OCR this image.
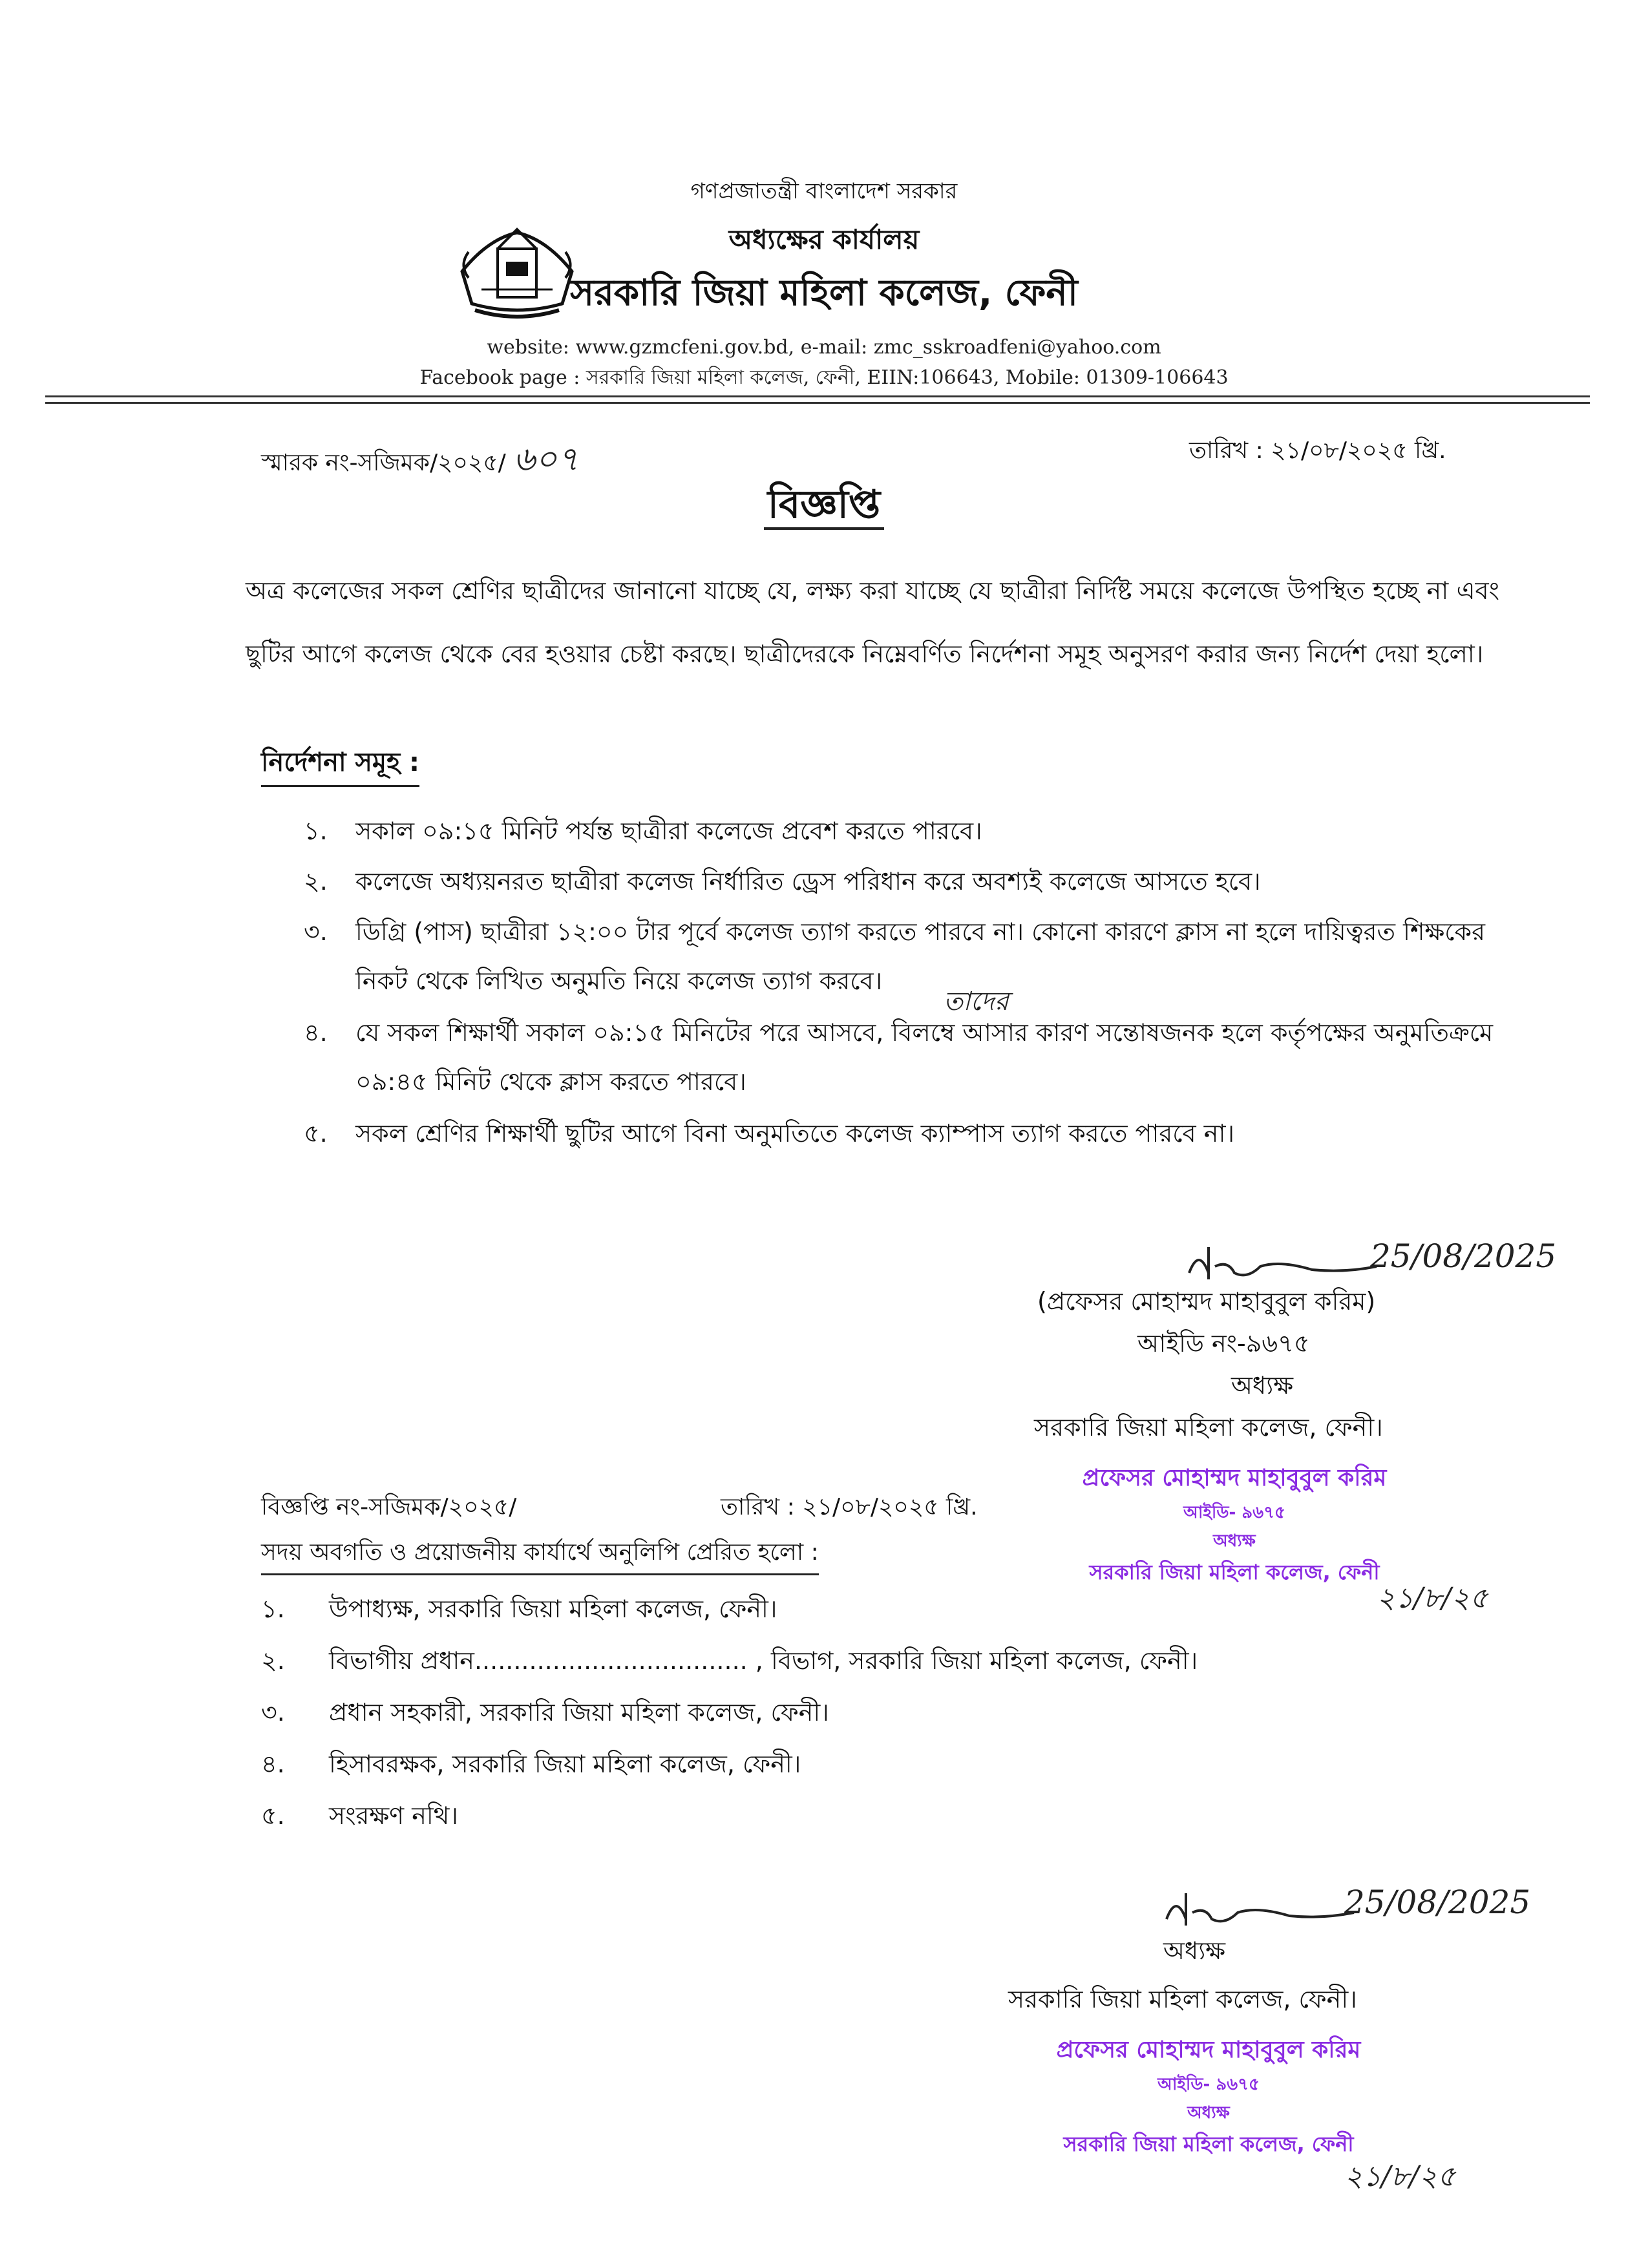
গণপ্রজাতন্ত্রী বাংলাদেশ সরকার
অধ্যক্ষের কার্যালয়
সরকারি জিয়া মহিলা কলেজ, ফেনী
website: www.gzmcfeni.gov.bd, e-mail: zmc_sskroadfeni@yahoo.com
Facebook page : সরকারি জিয়া মহিলা কলেজ, ফেনী, EIIN:106643, Mobile: 01309-106643
স্মারক নং-সজিমক/২০২৫/ ৬০৭	তারিখ : ২১/০৮/২০২৫ খ্রি.
বিজ্ঞপ্তি
অত্র কলেজের সকল শ্রেণির ছাত্রীদের জানানো যাচ্ছে যে, লক্ষ্য করা যাচ্ছে যে ছাত্রীরা নির্দিষ্ট সময়ে কলেজে উপস্থিত হচ্ছে না এবং ছুটির আগে কলেজ থেকে বের হওয়ার চেষ্টা করছে। ছাত্রীদেরকে নিম্নেবর্ণিত নির্দেশনা সমূহ অনুসরণ করার জন্য নির্দেশ দেয়া হলো।
নির্দেশনা সমূহ :
১.	সকাল ০৯:১৫ মিনিট পর্যন্ত ছাত্রীরা কলেজে প্রবেশ করতে পারবে।
২.	কলেজে অধ্যয়নরত ছাত্রীরা কলেজ নির্ধারিত ড্রেস পরিধান করে অবশ্যই কলেজে আসতে হবে।
৩.	ডিগ্রি (পাস) ছাত্রীরা ১২:০০ টার পূর্বে কলেজ ত্যাগ করতে পারবে না। কোনো কারণে ক্লাস না হলে দায়িত্বরত শিক্ষকের নিকট থেকে লিখিত অনুমতি নিয়ে কলেজ ত্যাগ করবে।
তাদের
৪.	যে সকল শিক্ষার্থী সকাল ০৯:১৫ মিনিটের পরে আসবে, বিলম্বে আসার কারণ সন্তোষজনক হলে কর্তৃপক্ষের অনুমতিক্রমে ০৯:৪৫ মিনিট থেকে ক্লাস করতে পারবে।
৫.	সকল শ্রেণির শিক্ষার্থী ছুটির আগে বিনা অনুমতিতে কলেজ ক্যাম্পাস ত্যাগ করতে পারবে না।
25/08/2025
(প্রফেসর মোহাম্মদ মাহাবুবুল করিম)
আইডি নং-৯৬৭৫
অধ্যক্ষ
সরকারি জিয়া মহিলা কলেজ, ফেনী।
প্রফেসর মোহাম্মদ মাহাবুবুল করিম
আইডি- ৯৬৭৫
অধ্যক্ষ
সরকারি জিয়া মহিলা কলেজ, ফেনী
২১/৮/২৫
বিজ্ঞপ্তি নং-সজিমক/২০২৫/	তারিখ : ২১/০৮/২০২৫ খ্রি.
সদয় অবগতি ও প্রয়োজনীয় কার্যার্থে অনুলিপি প্রেরিত হলো :
১.	উপাধ্যক্ষ, সরকারি জিয়া মহিলা কলেজ, ফেনী।
২.	বিভাগীয় প্রধান................................... , বিভাগ, সরকারি জিয়া মহিলা কলেজ, ফেনী।
৩.	প্রধান সহকারী, সরকারি জিয়া মহিলা কলেজ, ফেনী।
৪.	হিসাবরক্ষক, সরকারি জিয়া মহিলা কলেজ, ফেনী।
৫.	সংরক্ষণ নথি।
25/08/2025
অধ্যক্ষ
সরকারি জিয়া মহিলা কলেজ, ফেনী।
প্রফেসর মোহাম্মদ মাহাবুবুল করিম
আইডি- ৯৬৭৫
অধ্যক্ষ
সরকারি জিয়া মহিলা কলেজ, ফেনী
২১/৮/২৫
